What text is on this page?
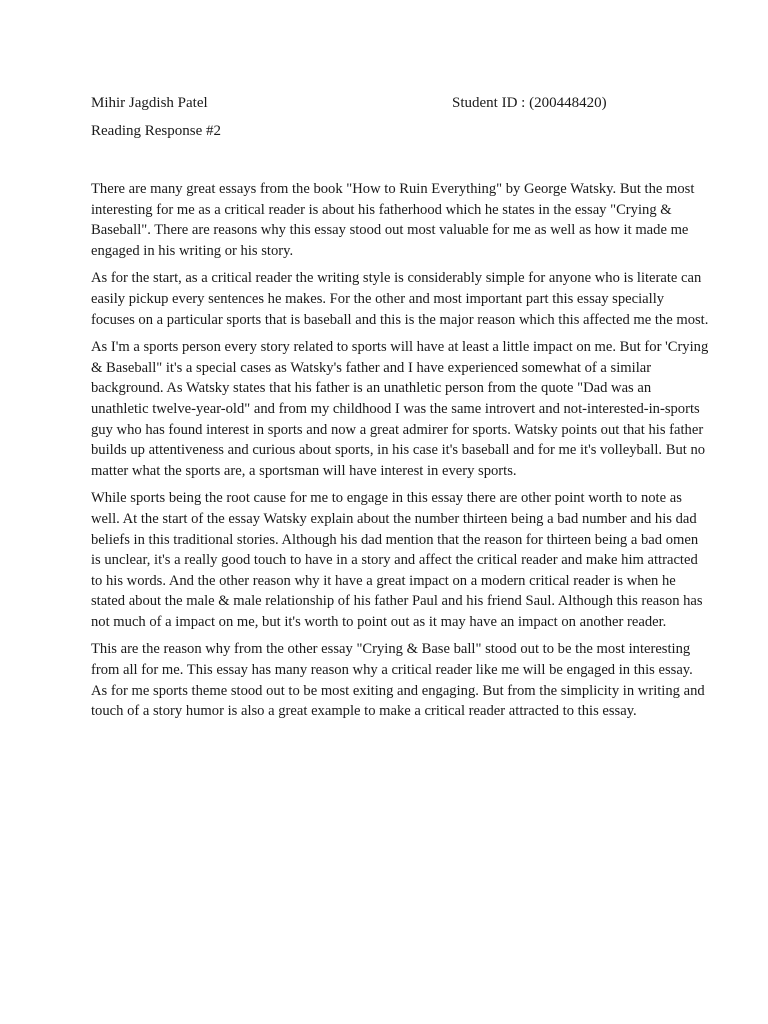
Mihir Jagdish Patel	Student ID : (200448420)
Reading Response #2

There are many great essays from the book "How to Ruin Everything" by George Watsky. But the most interesting for me as a critical reader is about his fatherhood which he states in the essay "Crying & Baseball". There are reasons why this essay stood out most valuable for me as well as how it made me engaged in his writing or his story.

As for the start, as a critical reader the writing style is considerably simple for anyone who is literate can easily pickup every sentences he makes. For the other and most important part this essay specially focuses on a particular sports that is baseball and this is the major reason which this affected me the most.

As I'm a sports person every story related to sports will have at least a little impact on me. But for 'Crying & Baseball" it's a special cases as Watsky's father and I have experienced somewhat of a similar background. As Watsky states that his father is an unathletic person from the quote "Dad was an unathletic twelve-year-old" and from my childhood I was the same introvert and not-interested-in-sports guy who has found interest in sports and now a great admirer for sports. Watsky points out that his father builds up attentiveness and curious about sports, in his case it's baseball and for me it's volleyball. But no matter what the sports are, a sportsman will have interest in every sports.

While sports being the root cause for me to engage in this essay there are other point worth to note as well. At the start of the essay Watsky explain about the number thirteen being a bad number and his dad beliefs in this traditional stories. Although his dad mention that the reason for thirteen being a bad omen is unclear, it's a really good touch to have in a story and affect the critical reader and make him attracted to his words. And the other reason why it have a great impact on a modern critical reader is when he stated about the male & male relationship of his father Paul and his friend Saul. Although this reason has not much of a impact on me, but it's worth to point out as it may have an impact on another reader.

This are the reason why from the other essay "Crying & Base ball" stood out to be the most interesting from all for me. This essay has many reason why a critical reader like me will be engaged in this essay. As for me sports theme stood out to be most exiting and engaging. But from the simplicity in writing and touch of a story humor is also a great example to make a critical reader attracted to this essay.
